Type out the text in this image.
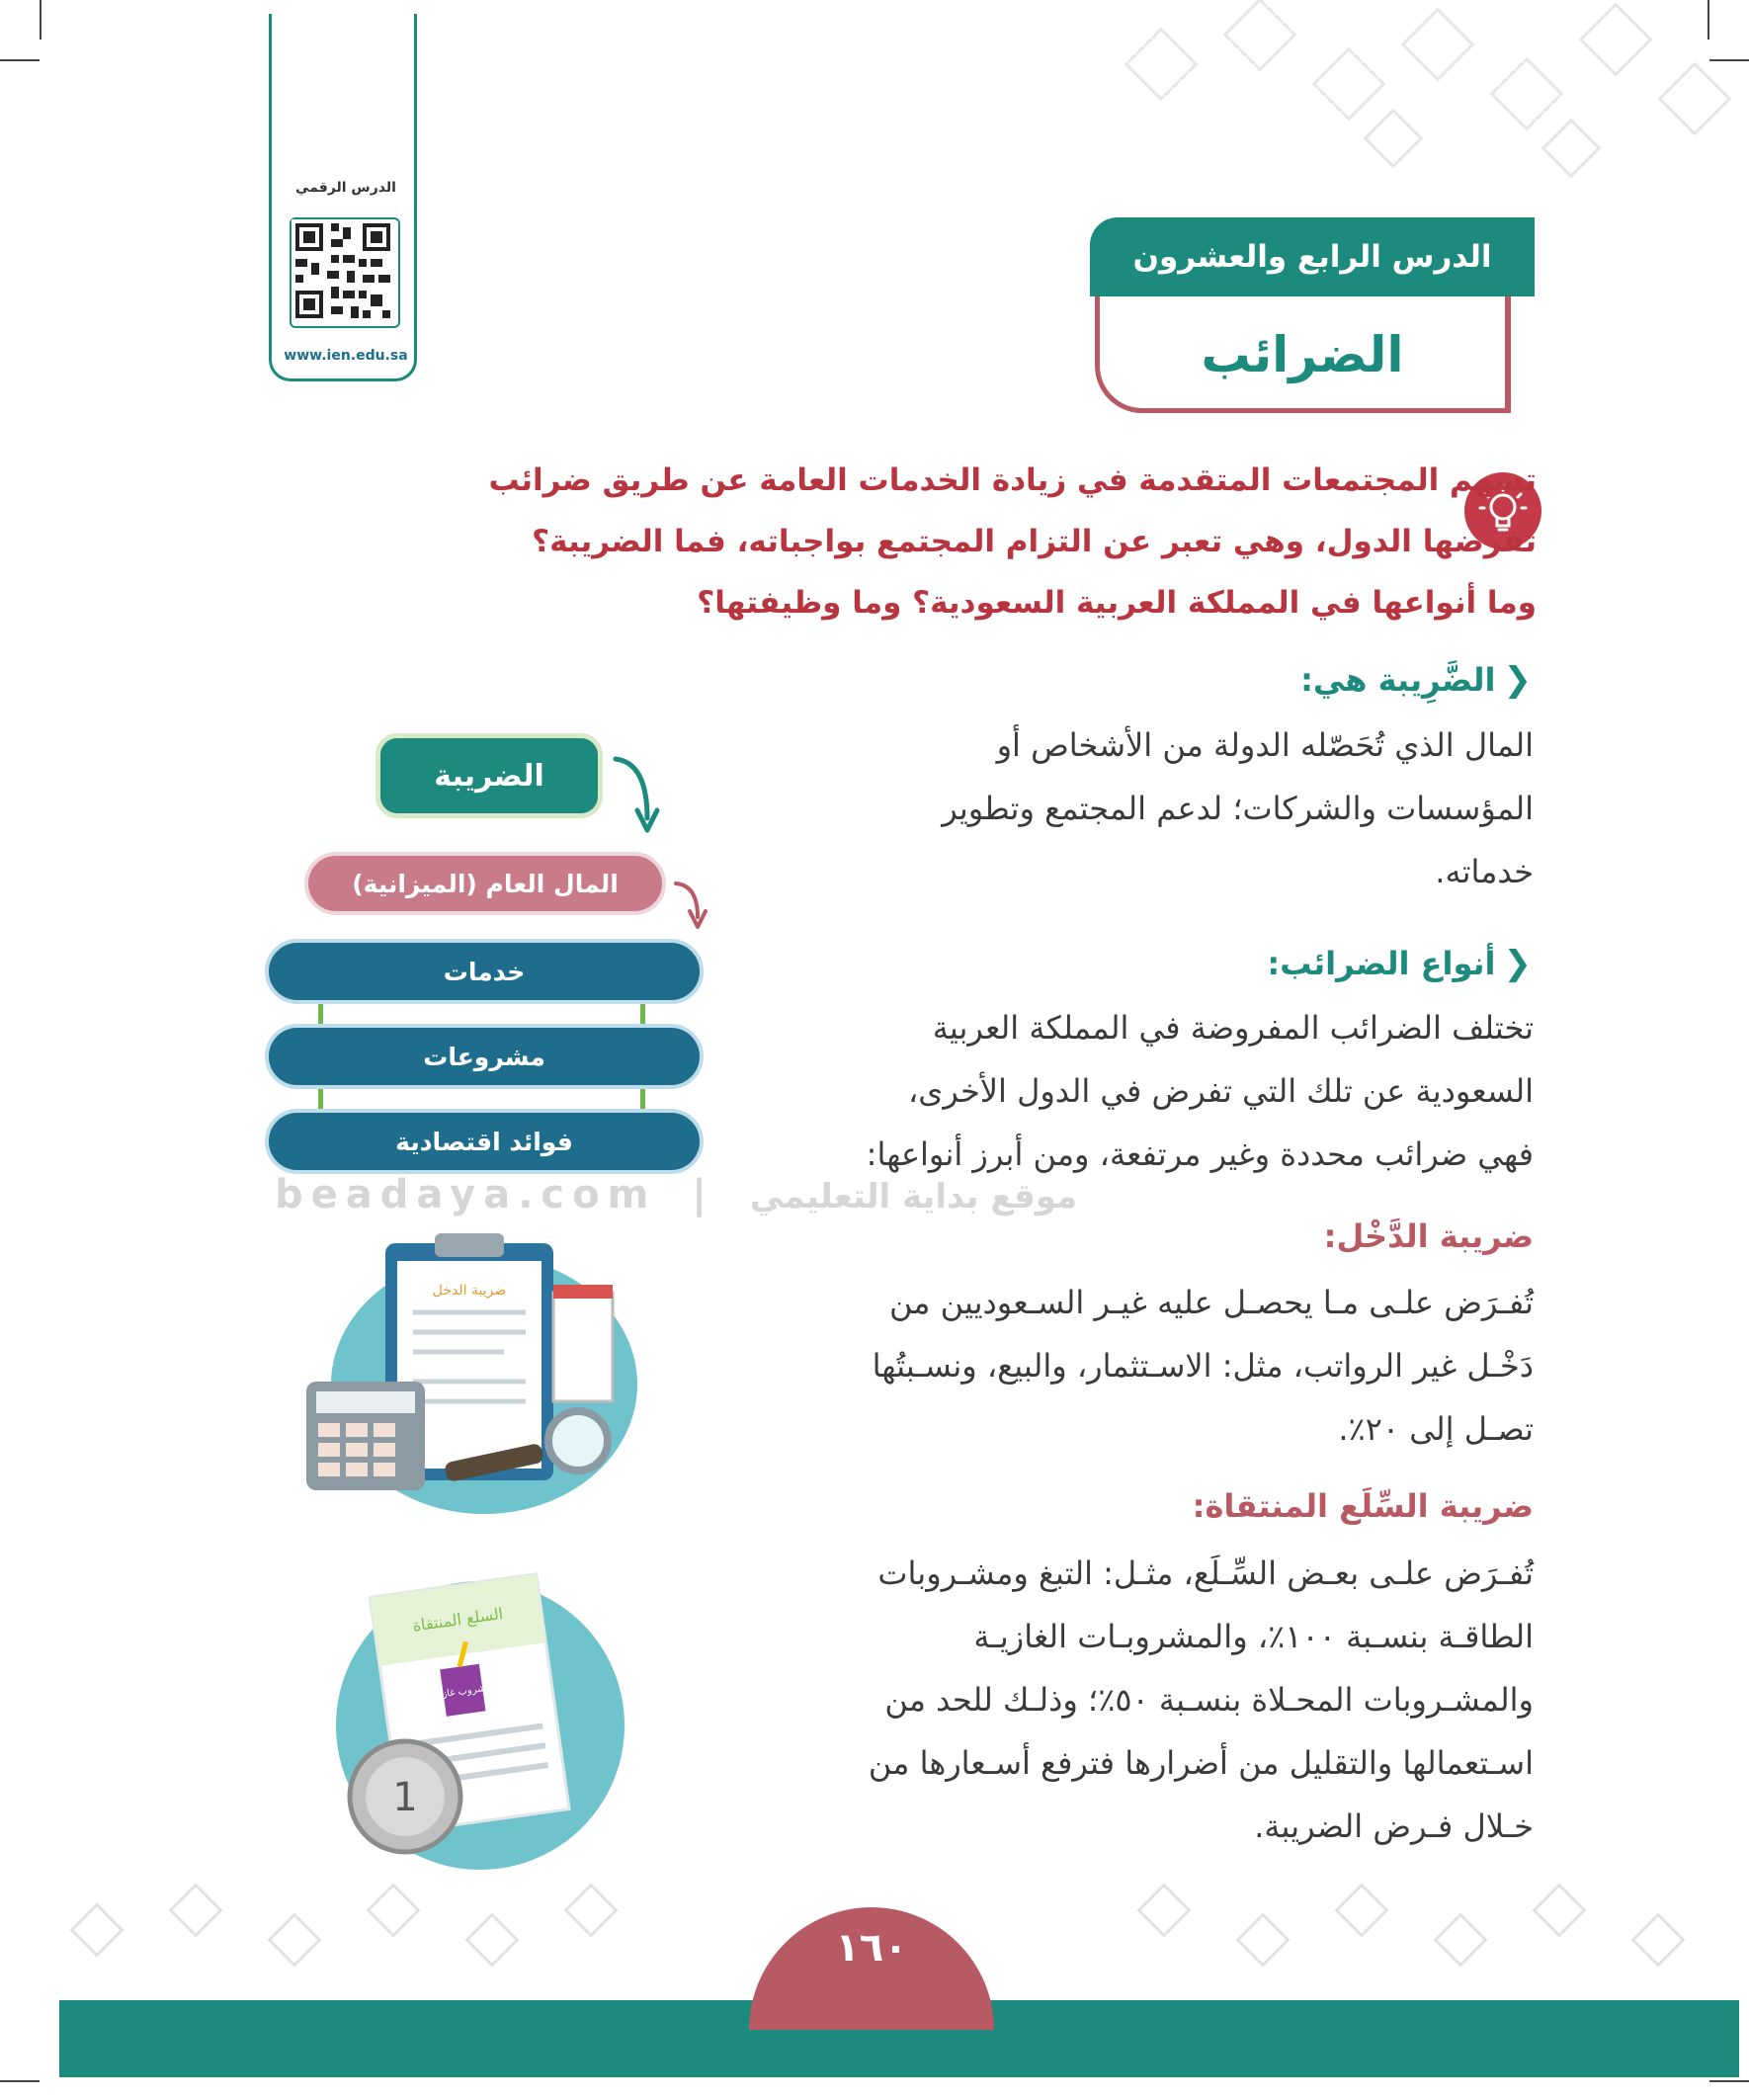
الدرس الرقمي
www.ien.edu.sa
الدرس الرابع والعشرون
الضرائب

تسهم المجتمعات المتقدمة في زيادة الخدمات العامة عن طريق ضرائب

تفرضها الدول، وهي تعبر عن التزام المجتمع بواجباته، فما الضريبة؟

وما أنواعها في المملكة العربية السعودية؟ وما وظيفتها؟

❮الضَّرِيبة هي:

المال الذي تُحَصّله الدولة من الأشخاص أو

المؤسسات والشركات؛ لدعم المجتمع وتطوير

خدماته.

❮أنواع الضرائب:

تختلف الضرائب المفروضة في المملكة العربية

السعودية عن تلك التي تفرض في الدول الأخرى،

فهي ضرائب محددة وغير مرتفعة، ومن أبرز أنواعها:

ضريبة الدَّخْل:

تُفـرَض علـى مـا يحصـل عليه غيـر السـعوديين من

دَخْـل غير الرواتب، مثل: الاسـتثمار، والبيع، ونسـبتُها

تصـل إلى ٢٠٪.

ضريبة السِّلَع المنتقاة:

تُفـرَض علـى بعـض السِّـلَع، مثـل: التبغ ومشـروبات

الطاقـة بنسـبة ١٠٠٪، والمشروبـات الغازيـة

والمشـروبات المحـلاة بنسـبة ٥٠٪؛ وذلـك للحد من

اسـتعمالها والتقليل من أضرارها فترفع أسـعارها من

خـلال فـرض الضريبة.

الضريبة
المال العام (الميزانية)
خدمات
مشروعات
فوائد اقتصادية
beadaya.com | موقع بداية التعليمي
ضريبة الدخل
السلع المنتقاة
مشروب غازي
1
١٦٠
